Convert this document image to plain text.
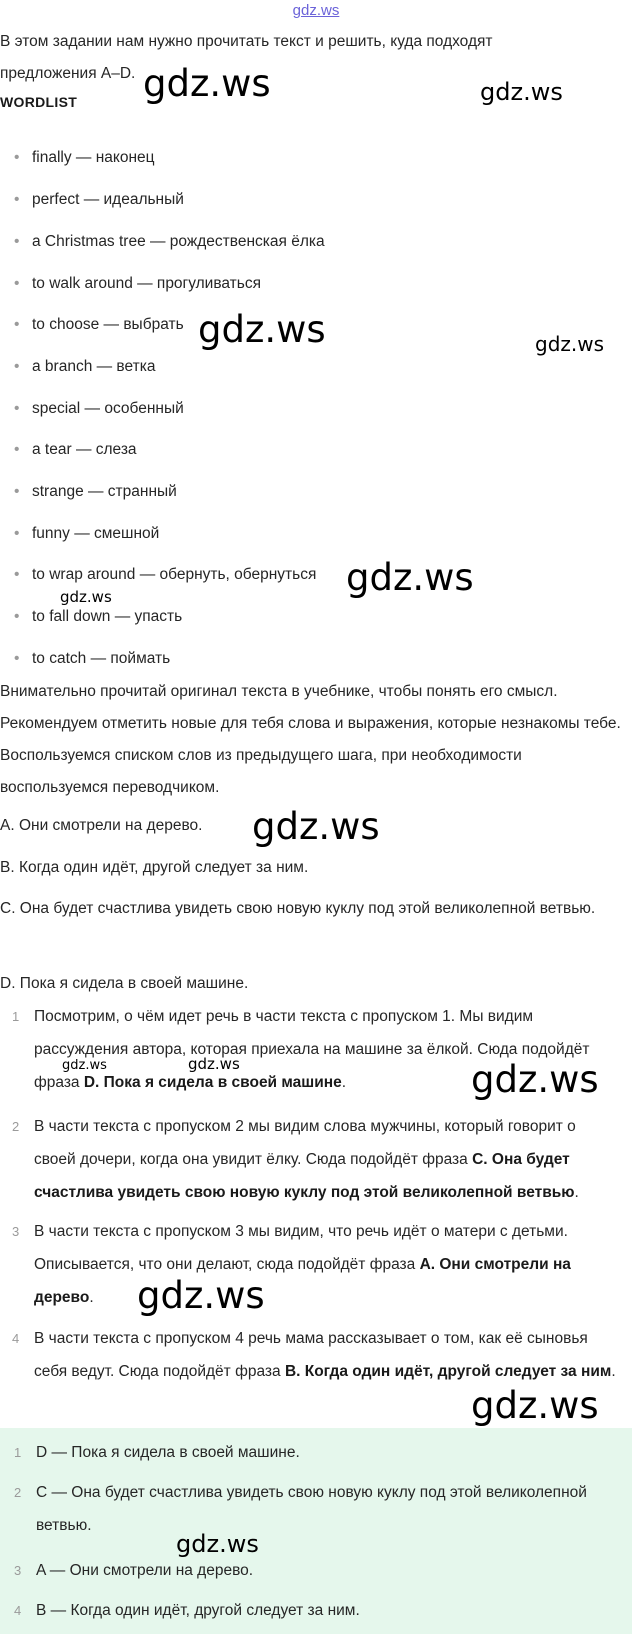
gdz.ws
В этом задании нам нужно прочитать текст и решить, куда подходят предложения A–D.
WORDLIST
• finally — наконец
• perfect — идеальный
• a Christmas tree — рождественская ёлка
• to walk around — прогуливаться
• to choose — выбрать
• a branch — ветка
• special — особенный
• a tear — слеза
• strange — странный
• funny — смешной
• to wrap around — обернуть, обернуться
• to fall down — упасть
• to catch — поймать
Внимательно прочитай оригинал текста в учебнике, чтобы понять его смысл. Рекомендуем отметить новые для тебя слова и выражения, которые незнакомы тебе. Воспользуемся списком слов из предыдущего шага, при необходимости воспользуемся переводчиком.
A. Они смотрели на дерево.
B. Когда один идёт, другой следует за ним.
C. Она будет счастлива увидеть свою новую куклу под этой великолепной ветвью.
D. Пока я сидела в своей машине.
1 Посмотрим, о чём идет речь в части текста с пропуском 1. Мы видим рассуждения автора, которая приехала на машине за ёлкой. Сюда подойдёт фраза D. Пока я сидела в своей машине.
2 В части текста с пропуском 2 мы видим слова мужчины, который говорит о своей дочери, когда она увидит ёлку. Сюда подойдёт фраза C. Она будет счастлива увидеть свою новую куклу под этой великолепной ветвью.
3 В части текста с пропуском 3 мы видим, что речь идёт о матери с детьми. Описывается, что они делают, сюда подойдёт фраза A. Они смотрели на дерево.
4 В части текста с пропуском 4 речь мама рассказывает о том, как её сыновья себя ведут. Сюда подойдёт фраза B. Когда один идёт, другой следует за ним.
1 D — Пока я сидела в своей машине.
2 C — Она будет счастлива увидеть свою новую куклу под этой великолепной ветвью.
3 A — Они смотрели на дерево.
4 B — Когда один идёт, другой следует за ним.
gdz.ws	gdz.ws
gdz.ws	gdz.ws
gdz.ws
gdz.ws
gdz.ws
gdz.ws	gdz.ws	gdz.ws
gdz.ws
gdz.ws
gdz.ws
